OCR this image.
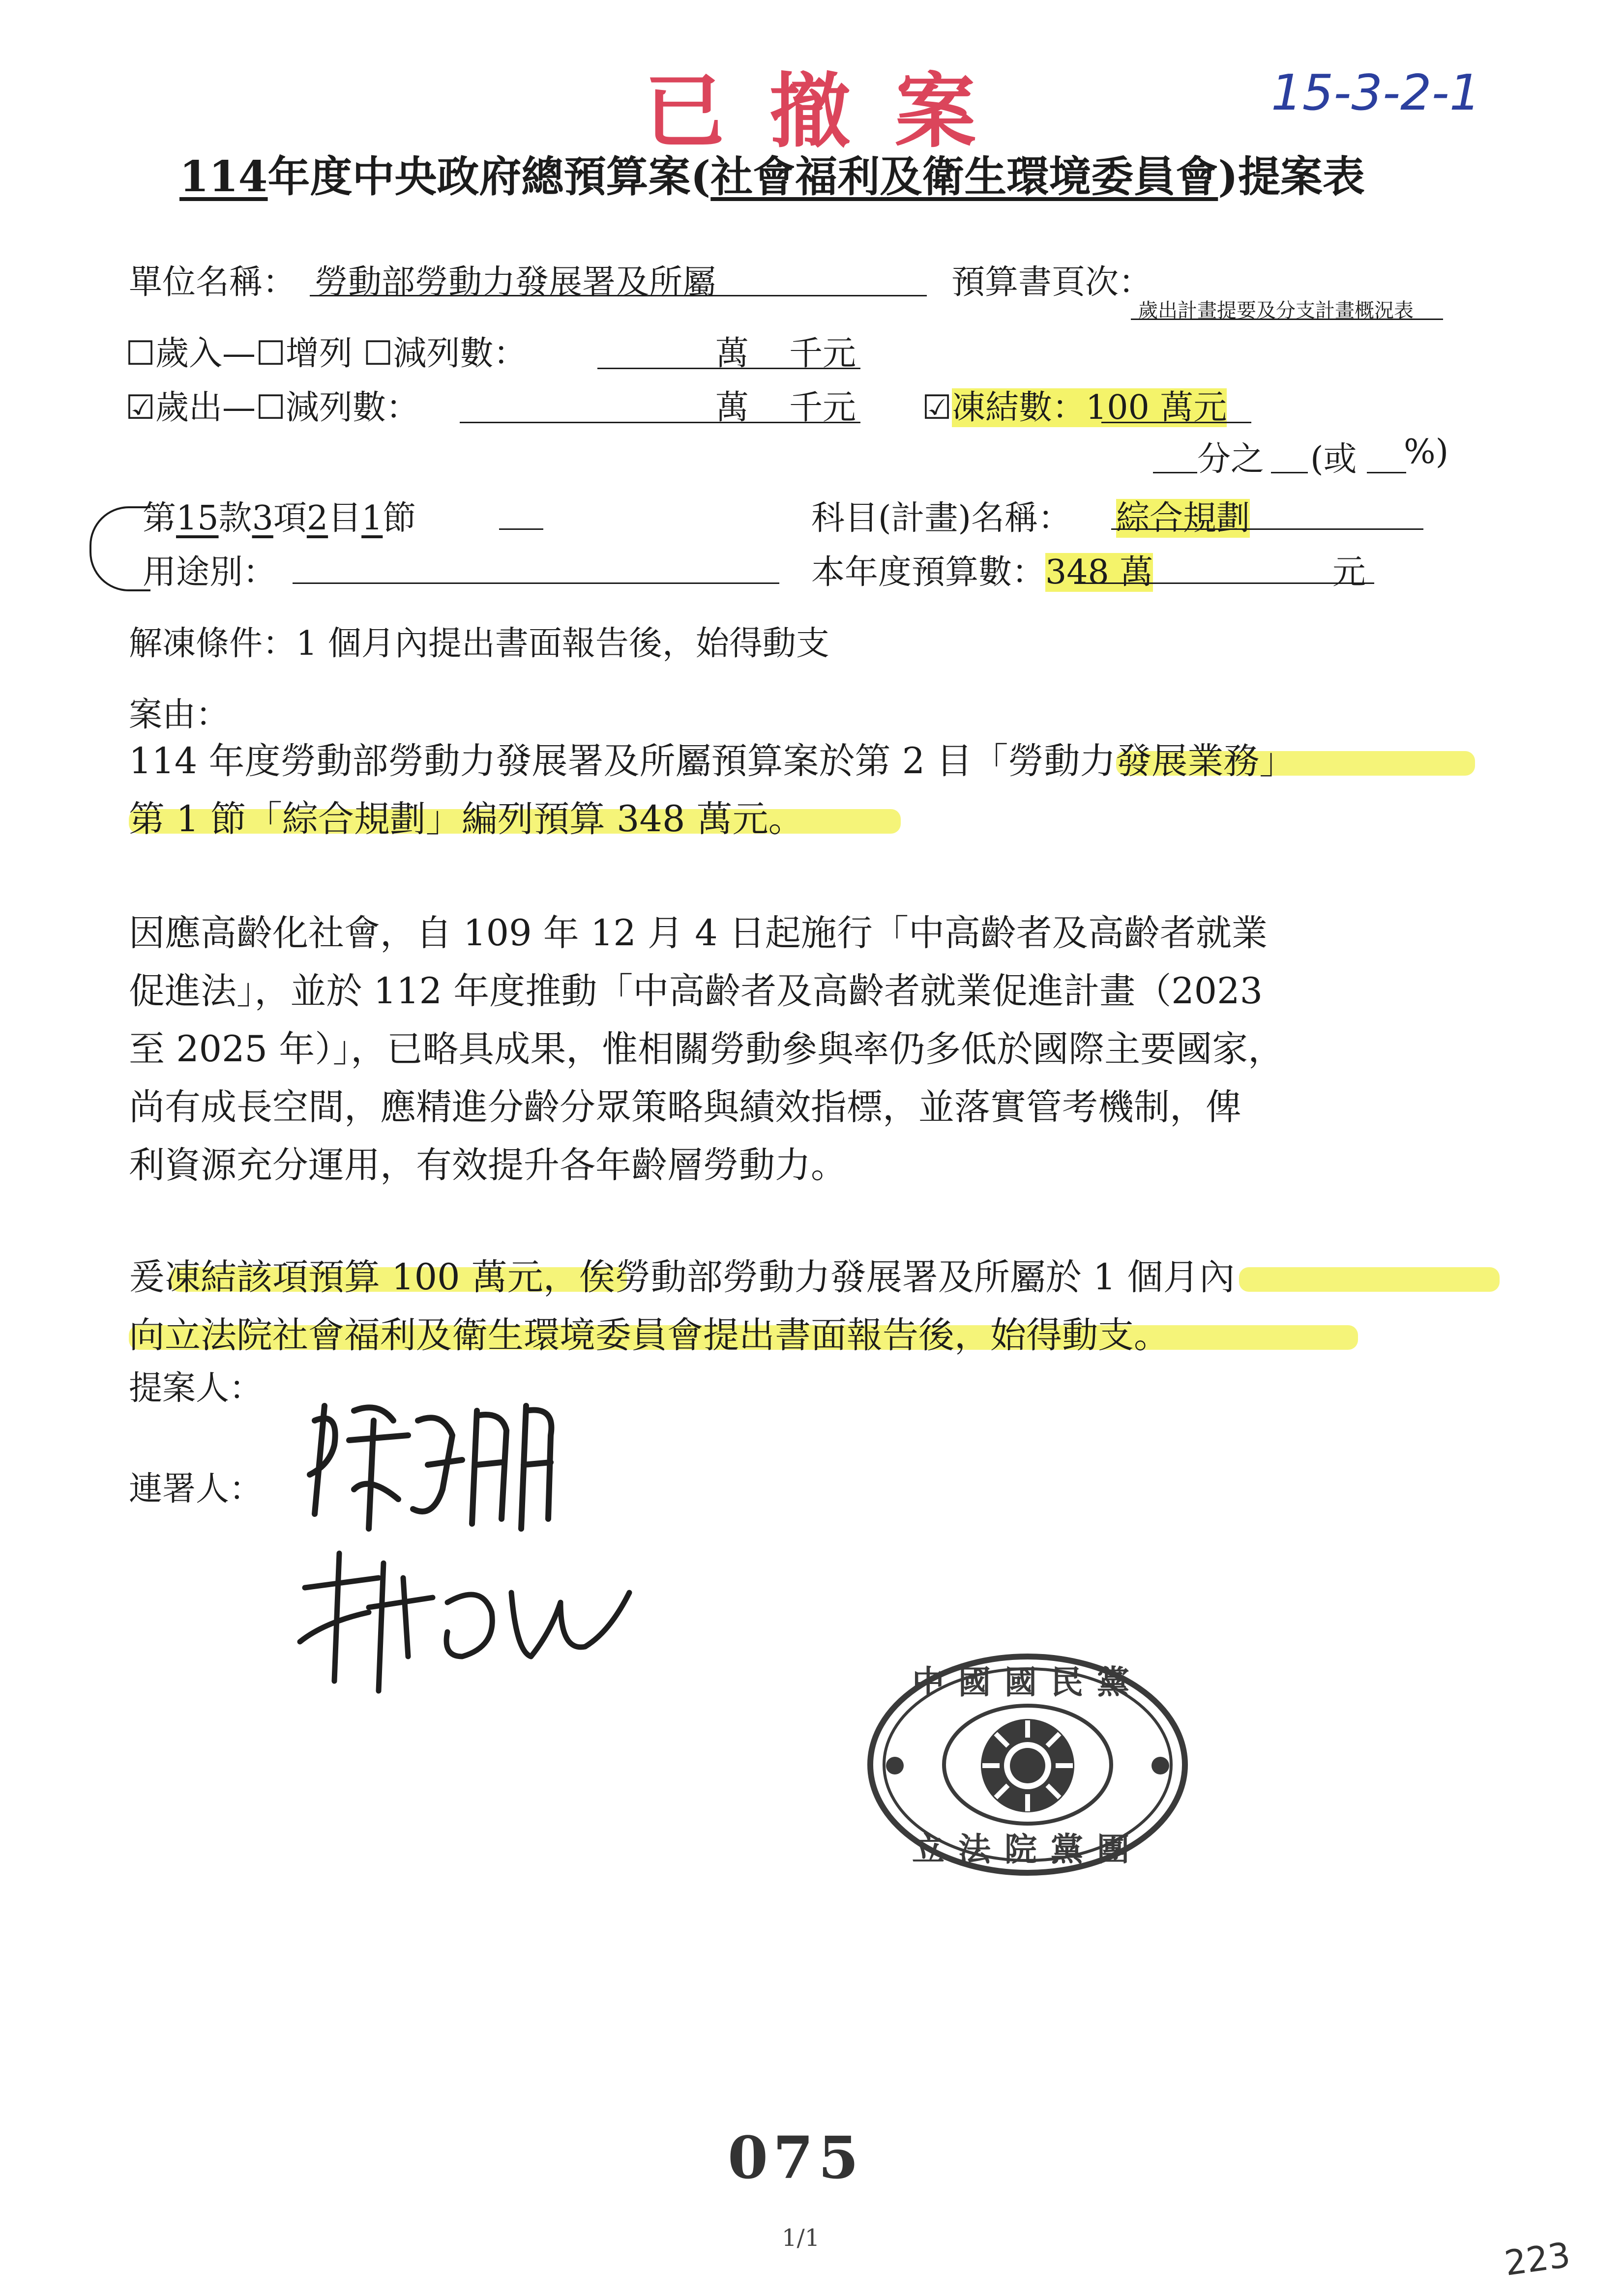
已撤案	15-3-2-1
114年度中央政府總預算案(社會福利及衛生環境委員會)提案表
單位名稱： 勞動部勞動力發展署及所屬	預算書頁次：
歲出計畫提要及分支計畫概況表
☐歲入—☐增列 ☐減列數：	萬 千元
☑歲出—☐減列數：	萬 千元 ☑凍結數：100 萬元
分之 (或 %)
第15款3項2目1節	科目(計畫)名稱： 綜合規劃
用途別：	本年度預算數：348 萬	元
解凍條件：1 個月內提出書面報告後，始得動支
案由：
114 年度勞動部勞動力發展署及所屬預算案於第 2 目「勞動力發展業務」
第 1 節「綜合規劃」編列預算 348 萬元。
因應高齡化社會，自 109 年 12 月 4 日起施行「中高齡者及高齡者就業
促進法」，並於 112 年度推動「中高齡者及高齡者就業促進計畫（2023
至 2025 年）」，已略具成果，惟相關勞動參與率仍多低於國際主要國家，
尚有成長空間，應精進分齡分眾策略與績效指標，並落實管考機制，俾
利資源充分運用，有效提升各年齡層勞動力。
爰凍結該項預算 100 萬元，俟勞動部勞動力發展署及所屬於 1 個月內
向立法院社會福利及衛生環境委員會提出書面報告後，始得動支。
提案人：
連署人：
中國國民黨
立法院黨團
075
1/1	223
